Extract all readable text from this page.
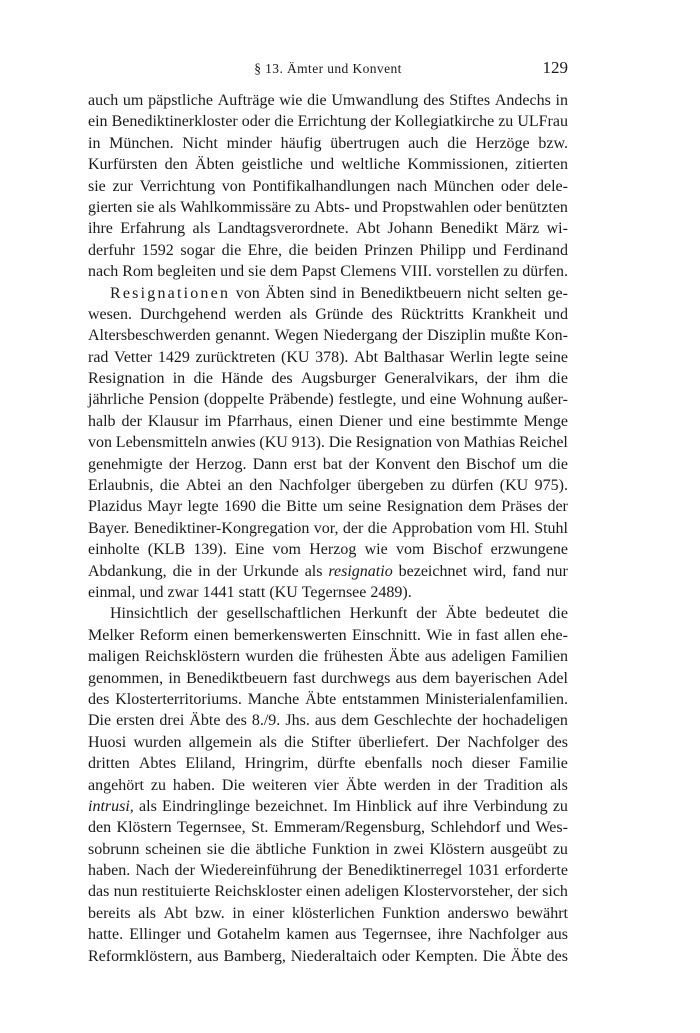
§ 13. Ämter und Konvent	129
auch um päpstliche Aufträge wie die Umwandlung des Stiftes Andechs in
ein Benediktinerkloster oder die Errichtung der Kollegiatkirche zu ULFrau
in München. Nicht minder häufig übertrugen auch die Herzöge bzw.
Kurfürsten den Äbten geistliche und weltliche Kommissionen, zitierten
sie zur Verrichtung von Pontifikalhandlungen nach München oder dele-
gierten sie als Wahlkommissäre zu Abts- und Propstwahlen oder benützten
ihre Erfahrung als Landtagsverordnete. Abt Johann Benedikt März wi-
derfuhr 1592 sogar die Ehre, die beiden Prinzen Philipp und Ferdinand
nach Rom begleiten und sie dem Papst Clemens VIII. vorstellen zu dürfen.
Resignationen von Äbten sind in Benediktbeuern nicht selten ge-
wesen. Durchgehend werden als Gründe des Rücktritts Krankheit und
Altersbeschwerden genannt. Wegen Niedergang der Disziplin mußte Kon-
rad Vetter 1429 zurücktreten (KU 378). Abt Balthasar Werlin legte seine
Resignation in die Hände des Augsburger Generalvikars, der ihm die
jährliche Pension (doppelte Präbende) festlegte, und eine Wohnung außer-
halb der Klausur im Pfarrhaus, einen Diener und eine bestimmte Menge
von Lebensmitteln anwies (KU 913). Die Resignation von Mathias Reichel
genehmigte der Herzog. Dann erst bat der Konvent den Bischof um die
Erlaubnis, die Abtei an den Nachfolger übergeben zu dürfen (KU 975).
Plazidus Mayr legte 1690 die Bitte um seine Resignation dem Präses der
Bayer. Benediktiner-Kongregation vor, der die Approbation vom Hl. Stuhl
einholte (KLB 139). Eine vom Herzog wie vom Bischof erzwungene
Abdankung, die in der Urkunde als resignatio bezeichnet wird, fand nur
einmal, und zwar 1441 statt (KU Tegernsee 2489).
Hinsichtlich der gesellschaftlichen Herkunft der Äbte bedeutet die
Melker Reform einen bemerkenswerten Einschnitt. Wie in fast allen ehe-
maligen Reichsklöstern wurden die frühesten Äbte aus adeligen Familien
genommen, in Benediktbeuern fast durchwegs aus dem bayerischen Adel
des Klosterterritoriums. Manche Äbte entstammen Ministerialenfamilien.
Die ersten drei Äbte des 8./9. Jhs. aus dem Geschlechte der hochadeligen
Huosi wurden allgemein als die Stifter überliefert. Der Nachfolger des
dritten Abtes Eliland, Hringrim, dürfte ebenfalls noch dieser Familie
angehört zu haben. Die weiteren vier Äbte werden in der Tradition als
intrusi, als Eindringlinge bezeichnet. Im Hinblick auf ihre Verbindung zu
den Klöstern Tegernsee, St. Emmeram/Regensburg, Schlehdorf und Wes-
sobrunn scheinen sie die äbtliche Funktion in zwei Klöstern ausgeübt zu
haben. Nach der Wiedereinführung der Benediktinerregel 1031 erforderte
das nun restituierte Reichskloster einen adeligen Klostervorsteher, der sich
bereits als Abt bzw. in einer klösterlichen Funktion anderswo bewährt
hatte. Ellinger und Gotahelm kamen aus Tegernsee, ihre Nachfolger aus
Reformklöstern, aus Bamberg, Niederaltaich oder Kempten. Die Äbte des
